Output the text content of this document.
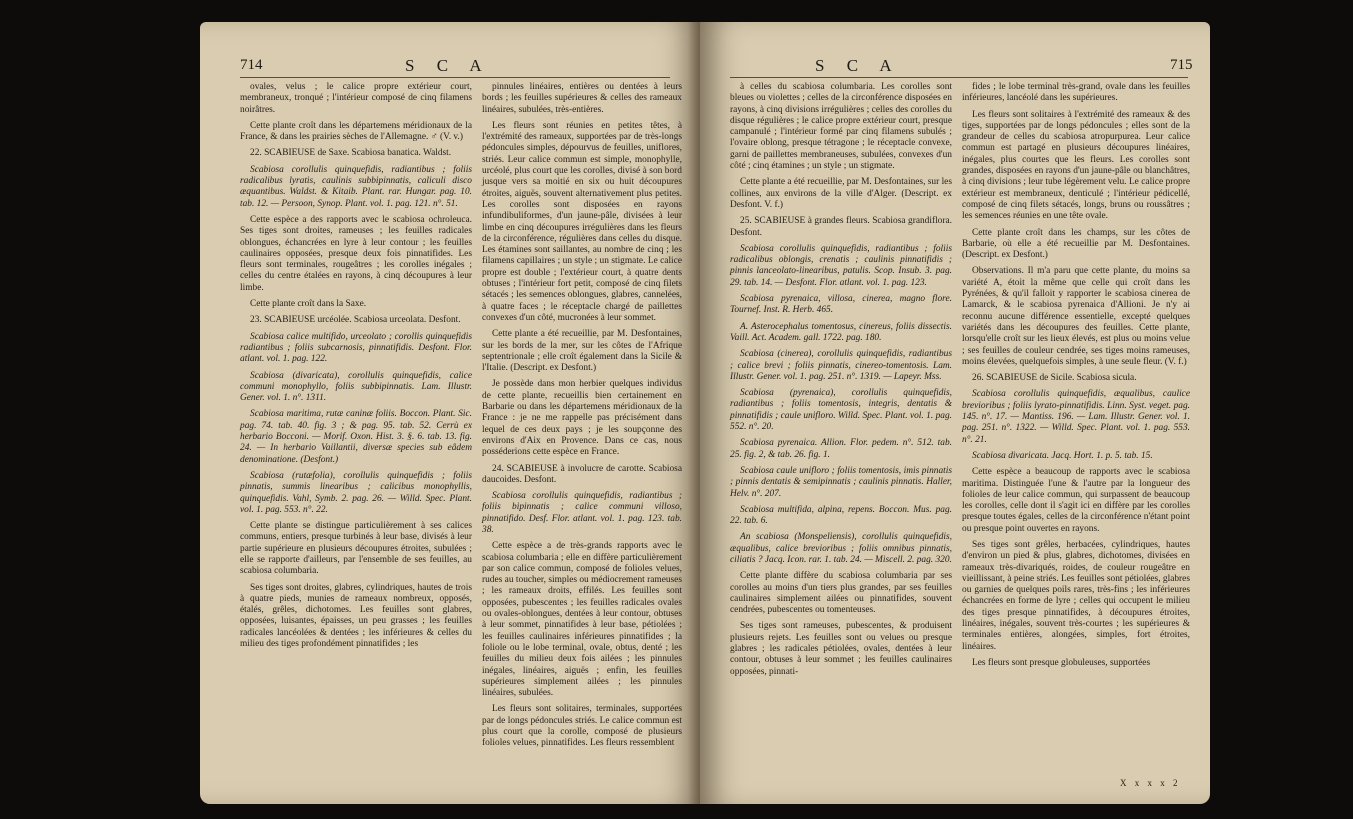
714	S C A

ovales, velus ; le calice propre extérieur court, membraneux, tronqué ; l'intérieur composé de cinq filamens noirâtres.

Cette plante croît dans les départemens méridionaux de la France, & dans les prairies sèches de l'Allemagne. ♂ (V. v.)

22. SCABIEUSE de Saxe. Scabiosa banatica. Waldst.

Scabiosa corollulis quinquefidis, radiantibus ; foliis radicalibus lyratis, caulinis subbipinnatis, caliculi disco æquantibus. Waldst. & Kitaib. Plant. rar. Hungar. pag. 10. tab. 12. — Persoon, Synop. Plant. vol. 1. pag. 121. n°. 51.

Cette espèce a des rapports avec le scabiosa ochroleuca. Ses tiges sont droites, rameuses ; les feuilles radicales oblongues, échancrées en lyre à leur contour ; les feuilles caulinaires opposées, presque deux fois pinnatifides. Les fleurs sont terminales, rougeâtres ; les corolles inégales ; celles du centre étalées en rayons, à cinq découpures à leur limbe.

Cette plante croît dans la Saxe.

23. SCABIEUSE urcéolée. Scabiosa urceolata. Desfont.

Scabiosa calice multifido, urceolato ; corollis quinquefidis radiantibus ; foliis subcarnosis, pinnatifidis. Desfont. Flor. atlant. vol. 1. pag. 122.

Scabiosa (divaricata), corollulis quinquefidis, calice communi monophyllo, foliis subbipinnatis. Lam. Illustr. Gener. vol. 1. n°. 1311.

Scabiosa maritima, rutæ caninæ foliis. Boccon. Plant. Sic. pag. 74. tab. 40. fig. 3 ; & pag. 95. tab. 52. Cerrù ex herbario Bocconi. — Morif. Oxon. Hist. 3. §. 6. tab. 13. fig. 24. — In herbario Vaillantii, diversæ species sub eâdem denominatione. (Desfont.)

Scabiosa (rutæfolia), corollulis quinquefidis ; foliis pinnatis, summis linearibus ; calicibus monophyllis, quinquefidis. Vahl, Symb. 2. pag. 26. — Willd. Spec. Plant. vol. 1. pag. 553. n°. 22.

Cette plante se distingue particulièrement à ses calices communs, entiers, presque turbinés à leur base, divisés à leur partie supérieure en plusieurs découpures étroites, subulées ; elle se rapporte d'ailleurs, par l'ensemble de ses feuilles, au scabiosa columbaria.

Ses tiges sont droites, glabres, cylindriques, hautes de trois à quatre pieds, munies de rameaux nombreux, opposés, étalés, grêles, dichotomes. Les feuilles sont glabres, opposées, luisantes, épaisses, un peu grasses ; les feuilles radicales lancéolées & dentées ; les inférieures & celles du milieu des tiges profondément pinnatifides ; les

pinnules linéaires, entières ou dentées à leurs bords ; les feuilles supérieures & celles des rameaux linéaires, subulées, très-entières.

Les fleurs sont réunies en petites têtes, à l'extrémité des rameaux, supportées par de très-longs pédoncules simples, dépourvus de feuilles, uniflores, striés. Leur calice commun est simple, monophylle, urcéolé, plus court que les corolles, divisé à son bord jusque vers sa moitié en six ou huit découpures étroites, aiguës, souvent alternativement plus petites. Les corolles sont disposées en rayons infundibuliformes, d'un jaune-pâle, divisées à leur limbe en cinq découpures irrégulières dans les fleurs de la circonférence, régulières dans celles du disque. Les étamines sont saillantes, au nombre de cinq ; les filamens capillaires ; un style ; un stigmate. Le calice propre est double ; l'extérieur court, à quatre dents obtuses ; l'intérieur fort petit, composé de cinq filets sétacés ; les semences oblongues, glabres, cannelées, à quatre faces ; le réceptacle chargé de paillettes convexes d'un côté, mucronées à leur sommet.

Cette plante a été recueillie, par M. Desfontaines, sur les bords de la mer, sur les côtes de l'Afrique septentrionale ; elle croît également dans la Sicile & l'Italie. (Descript. ex Desfont.)

Je possède dans mon herbier quelques individus de cette plante, recueillis bien certainement en Barbarie ou dans les départemens méridionaux de la France : je ne me rappelle pas précisément dans lequel de ces deux pays ; je les soupçonne des environs d'Aix en Provence. Dans ce cas, nous posséderions cette espèce en France.

24. SCABIEUSE à involucre de carotte. Scabiosa daucoides. Desfont.

Scabiosa corollulis quinquefidis, radiantibus ; foliis bipinnatis ; calice communi villoso, pinnatifido. Desf. Flor. atlant. vol. 1. pag. 123. tab. 38.

Cette espèce a de très-grands rapports avec le scabiosa columbaria ; elle en diffère particulièrement par son calice commun, composé de folioles velues, rudes au toucher, simples ou médiocrement rameuses ; les rameaux droits, effilés. Les feuilles sont opposées, pubescentes ; les feuilles radicales ovales ou ovales-oblongues, dentées à leur contour, obtuses à leur sommet, pinnatifides à leur base, pétiolées ; les feuilles caulinaires inférieures pinnatifides ; la foliole ou le lobe terminal, ovale, obtus, denté ; les feuilles du milieu deux fois ailées ; les pinnules inégales, linéaires, aiguës ; enfin, les feuilles supérieures simplement ailées ; les pinnules linéaires, subulées.

Les fleurs sont solitaires, terminales, supportées par de longs pédoncules striés. Le calice commun est plus court que la corolle, composé de plusieurs folioles velues, pinnatifides. Les fleurs ressemblent

S C A	715

à celles du scabiosa columbaria. Les corolles sont bleues ou violettes ; celles de la circonférence disposées en rayons, à cinq divisions irrégulières ; celles des corolles du disque régulières ; le calice propre extérieur court, presque campanulé ; l'intérieur formé par cinq filamens subulés ; l'ovaire oblong, presque tétragone ; le réceptacle convexe, garni de paillettes membraneuses, subulées, convexes d'un côté ; cinq étamines ; un style ; un stigmate.

Cette plante a été recueillie, par M. Desfontaines, sur les collines, aux environs de la ville d'Alger. (Descript. ex Desfont. V. f.)

25. SCABIEUSE à grandes fleurs. Scabiosa grandiflora. Desfont.

Scabiosa corollulis quinquefidis, radiantibus ; foliis radicalibus oblongis, crenatis ; caulinis pinnatifidis ; pinnis lanceolato-linearibus, patulis. Scop. Insub. 3. pag. 29. tab. 14. — Desfont. Flor. atlant. vol. 1. pag. 123.

Scabiosa pyrenaica, villosa, cinerea, magno flore. Tournef. Inst. R. Herb. 465.

A. Asterocephalus tomentosus, cinereus, foliis dissectis. Vaill. Act. Academ. gall. 1722. pag. 180.

Scabiosa (cinerea), corollulis quinquefidis, radiantibus ; calice brevi ; foliis pinnatis, cinereo-tomentosis. Lam. Illustr. Gener. vol. 1. pag. 251. n°. 1319. — Lapeyr. Mss.

Scabiosa (pyrenaica), corollulis quinquefidis, radiantibus ; foliis tomentosis, integris, dentatis & pinnatifidis ; caule unifloro. Willd. Spec. Plant. vol. 1. pag. 552. n°. 20.

Scabiosa pyrenaica. Allion. Flor. pedem. n°. 512. tab. 25. fig. 2, & tab. 26. fig. 1.

Scabiosa caule unifloro ; foliis tomentosis, imis pinnatis ; pinnis dentatis & semipinnatis ; caulinis pinnatis. Haller, Helv. n°. 207.

Scabiosa multifida, alpina, repens. Boccon. Mus. pag. 22. tab. 6.

An scabiosa (Monspeliensis), corollulis quinquefidis, æqualibus, calice brevioribus ; foliis omnibus pinnatis, ciliatis ? Jacq. Icon. rar. 1. tab. 24. — Miscell. 2. pag. 320.

Cette plante diffère du scabiosa columbaria par ses corolles au moins d'un tiers plus grandes, par ses feuilles caulinaires simplement ailées ou pinnatifides, souvent cendrées, pubescentes ou tomenteuses.

Ses tiges sont rameuses, pubescentes, & produisent plusieurs rejets. Les feuilles sont ou velues ou presque glabres ; les radicales pétiolées, ovales, dentées à leur contour, obtuses à leur sommet ; les feuilles caulinaires opposées, pinnati-

fides ; le lobe terminal très-grand, ovale dans les feuilles inférieures, lancéolé dans les supérieures.

Les fleurs sont solitaires à l'extrémité des rameaux & des tiges, supportées par de longs pédoncules ; elles sont de la grandeur de celles du scabiosa atropurpurea. Leur calice commun est partagé en plusieurs découpures linéaires, inégales, plus courtes que les fleurs. Les corolles sont grandes, disposées en rayons d'un jaune-pâle ou blanchâtres, à cinq divisions ; leur tube légèrement velu. Le calice propre extérieur est membraneux, denticulé ; l'intérieur pédicellé, composé de cinq filets sétacés, longs, bruns ou roussâtres ; les semences réunies en une tête ovale.

Cette plante croît dans les champs, sur les côtes de Barbarie, où elle a été recueillie par M. Desfontaines. (Descript. ex Desfont.)

Observations. Il m'a paru que cette plante, du moins sa variété A, étoit la même que celle qui croît dans les Pyrénées, & qu'il falloit y rapporter le scabiosa cinerea de Lamarck, & le scabiosa pyrenaica d'Allioni. Je n'y ai reconnu aucune différence essentielle, excepté quelques variétés dans les découpures des feuilles. Cette plante, lorsqu'elle croît sur les lieux élevés, est plus ou moins velue ; ses feuilles de couleur cendrée, ses tiges moins rameuses, moins élevées, quelquefois simples, à une seule fleur. (V. f.)

26. SCABIEUSE de Sicile. Scabiosa sicula.

Scabiosa corollulis quinquefidis, æqualibus, caulice brevioribus ; foliis lyrato-pinnatifidis. Linn. Syst. veget. pag. 145. n°. 17. — Mantiss. 196. — Lam. Illustr. Gener. vol. 1. pag. 251. n°. 1322. — Willd. Spec. Plant. vol. 1. pag. 553. n°. 21.

Scabiosa divaricata. Jacq. Hort. 1. p. 5. tab. 15.

Cette espèce a beaucoup de rapports avec le scabiosa maritima. Distinguée l'une & l'autre par la longueur des folioles de leur calice commun, qui surpassent de beaucoup les corolles, celle dont il s'agit ici en diffère par les corolles presque toutes égales, celles de la circonférence n'étant point ou presque point ouvertes en rayons.

Ses tiges sont grêles, herbacées, cylindriques, hautes d'environ un pied & plus, glabres, dichotomes, divisées en rameaux très-divariqués, roides, de couleur rougeâtre en vieillissant, à peine striés. Les feuilles sont pétiolées, glabres ou garnies de quelques poils rares, très-fins ; les inférieures échancrées en forme de lyre ; celles qui occupent le milieu des tiges presque pinnatifides, à découpures étroites, linéaires, inégales, souvent très-courtes ; les supérieures & terminales entières, alongées, simples, fort étroites, linéaires.

Les fleurs sont presque globuleuses, supportées

X x x x 2
